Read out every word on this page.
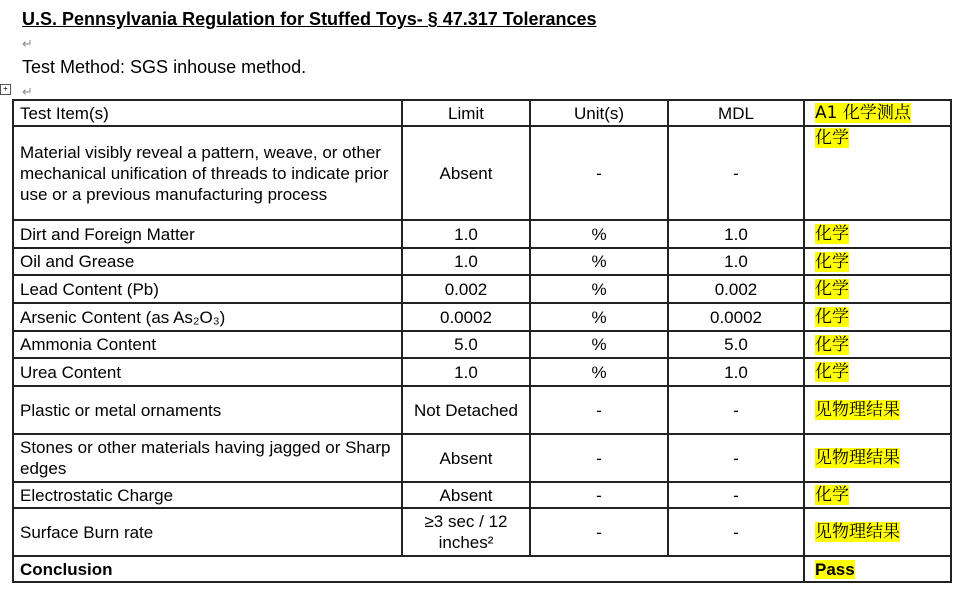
U.S. Pennsylvania Regulation for Stuffed Toys- § 47.317 Tolerances
↵
Test Method: SGS inhouse method.
↵
+
Test Item(s)	Limit	Unit(s)	MDL	A1 化学测点
Material visibly reveal a pattern, weave, or other mechanical unification of threads to indicate prior use or a previous manufacturing process	Absent	-	-	化学
Dirt and Foreign Matter	1.0	%	1.0	化学
Oil and Grease	1.0	%	1.0	化学
Lead Content (Pb)	0.002	%	0.002	化学
Arsenic Content (as As₂O₃)	0.0002	%	0.0002	化学
Ammonia Content	5.0	%	5.0	化学
Urea Content	1.0	%	1.0	化学
Plastic or metal ornaments	Not Detached	-	-	见物理结果
Stones or other materials having jagged or Sharp edges	Absent	-	-	见物理结果
Electrostatic Charge	Absent	-	-	化学
Surface Burn rate	≥3 sec / 12 inches²	-	-	见物理结果
Conclusion				Pass
